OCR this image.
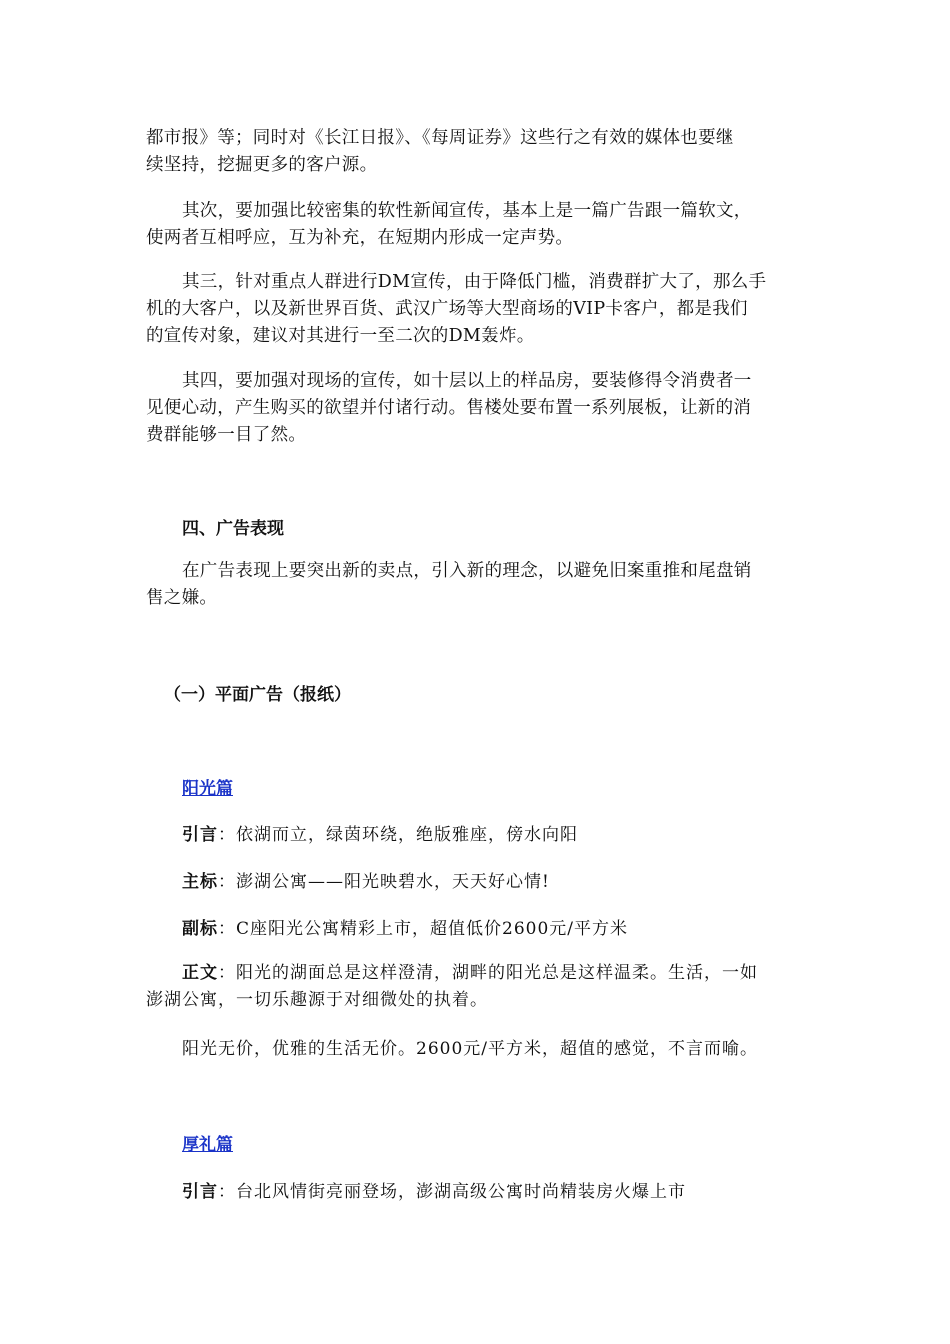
都市报》等；同时对《长江日报》、《每周证券》这些行之有效的媒体也要继
续坚持，挖掘更多的客户源。

其次，要加强比较密集的软性新闻宣传，基本上是一篇广告跟一篇软文，
使两者互相呼应，互为补充，在短期内形成一定声势。

其三，针对重点人群进行DM宣传，由于降低门槛，消费群扩大了，那么手
机的大客户，以及新世界百货、武汉广场等大型商场的VIP卡客户，都是我们
的宣传对象，建议对其进行一至二次的DM轰炸。

其四，要加强对现场的宣传，如十层以上的样品房，要装修得令消费者一
见便心动，产生购买的欲望并付诸行动。售楼处要布置一系列展板，让新的消
费群能够一目了然。

四、广告表现

在广告表现上要突出新的卖点，引入新的理念，以避免旧案重推和尾盘销
售之嫌。

（一）平面广告（报纸）
阳光篇

引言：依湖而立，绿茵环绕，绝版雅座，傍水向阳

主标：澎湖公寓——阳光映碧水，天天好心情!

副标：C座阳光公寓精彩上市，超值低价2600元/平方米

正文：阳光的湖面总是这样澄清，湖畔的阳光总是这样温柔。生活，一如
澎湖公寓，一切乐趣源于对细微处的执着。

阳光无价，优雅的生活无价。2600元/平方米，超值的感觉，不言而喻。

厚礼篇

引言：台北风情街亮丽登场，澎湖高级公寓时尚精装房火爆上市
